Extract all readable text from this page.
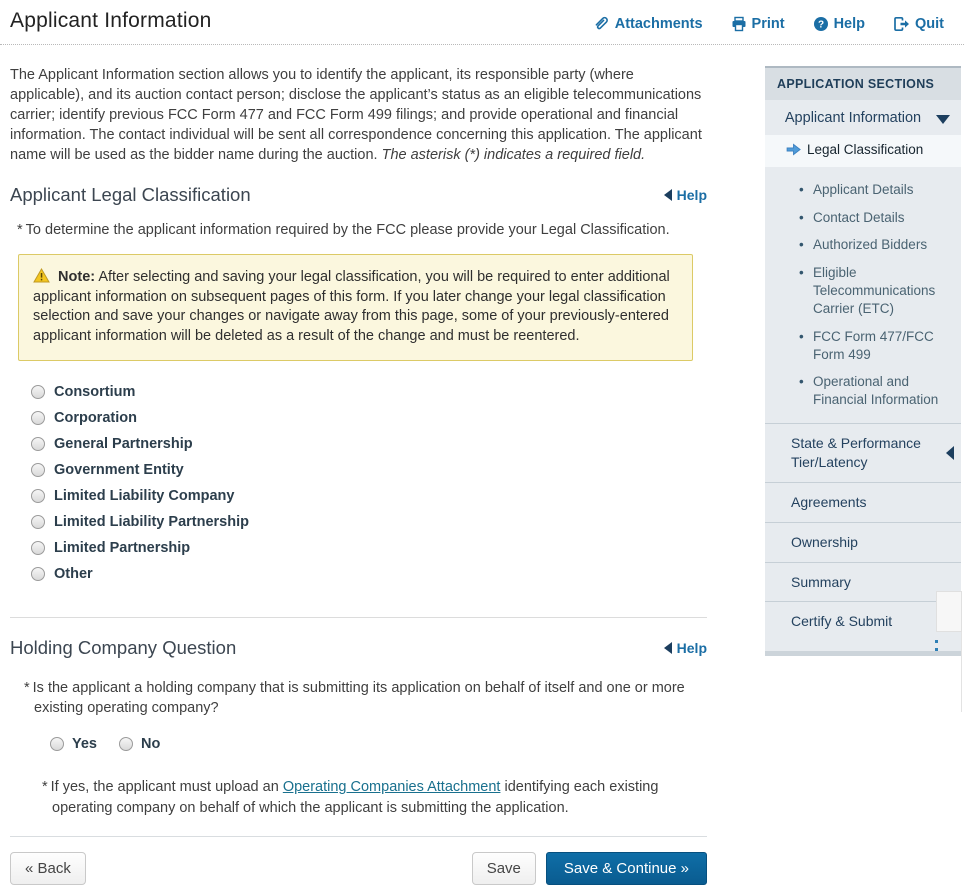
Applicant Information	Attachments	Print	? Help	Quit

The Applicant Information section allows you to identify the applicant, its responsible party (where applicable), and its auction contact person; disclose the applicant’s status as an eligible telecommunications carrier; identify previous FCC Form 477 and FCC Form 499 filings; and provide operational and financial information. The contact individual will be sent all correspondence concerning this application. The applicant name will be used as the bidder name during the auction. The asterisk (*) indicates a required field.

Applicant Legal Classification	Help

* To determine the applicant information required by the FCC please provide your Legal Classification.

Note: After selecting and saving your legal classification, you will be required to enter additional applicant information on subsequent pages of this form. If you later change your legal classification selection and save your changes or navigate away from this page, some of your previously-entered applicant information will be deleted as a result of the change and must be reentered.
Consortium
Corporation
General Partnership
Government Entity
Limited Liability Company
Limited Liability Partnership
Limited Partnership
Other
Holding Company Question	Help

* Is the applicant a holding company that is submitting its application on behalf of itself and one or more existing operating company?

Yes	No

* If yes, the applicant must upload an Operating Companies Attachment identifying each existing operating company on behalf of which the applicant is submitting the application.

« Back	Save	Save & Continue »
APPLICATION SECTIONS
Applicant Information
Legal Classification
• Applicant Details
• Contact Details
• Authorized Bidders
• Eligible Telecommunications Carrier (ETC)
• FCC Form 477/FCC Form 499
• Operational and Financial Information
State & Performance Tier/Latency
Agreements
Ownership
Summary
Certify & Submit
